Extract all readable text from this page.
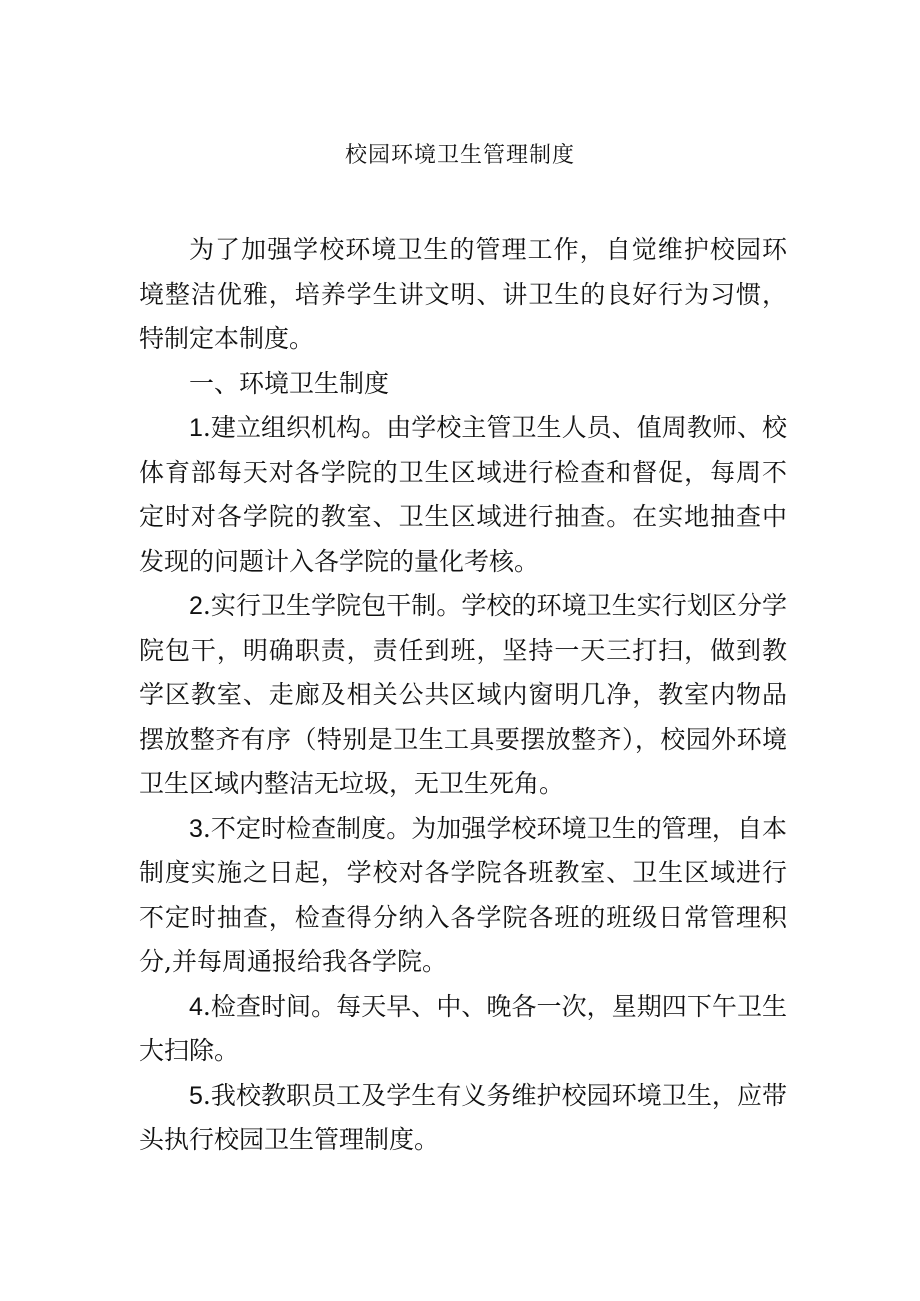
校园环境卫生管理制度

为了加强学校环境卫生的管理工作，自觉维护校园环境整洁优雅，培养学生讲文明、讲卫生的良好行为习惯，特制定本制度。

一、环境卫生制度

1.建立组织机构。由学校主管卫生人员、值周教师、校体育部每天对各学院的卫生区域进行检查和督促，每周不定时对各学院的教室、卫生区域进行抽查。在实地抽查中发现的问题计入各学院的量化考核。

2.实行卫生学院包干制。学校的环境卫生实行划区分学院包干，明确职责，责任到班，坚持一天三打扫，做到教学区教室、走廊及相关公共区域内窗明几净，教室内物品摆放整齐有序（特别是卫生工具要摆放整齐），校园外环境卫生区域内整洁无垃圾，无卫生死角。

3.不定时检查制度。为加强学校环境卫生的管理，自本制度实施之日起，学校对各学院各班教室、卫生区域进行不定时抽查，检查得分纳入各学院各班的班级日常管理积分,并每周通报给我各学院。

4.检查时间。每天早、中、晚各一次，星期四下午卫生大扫除。

5.我校教职员工及学生有义务维护校园环境卫生，应带头执行校园卫生管理制度。
